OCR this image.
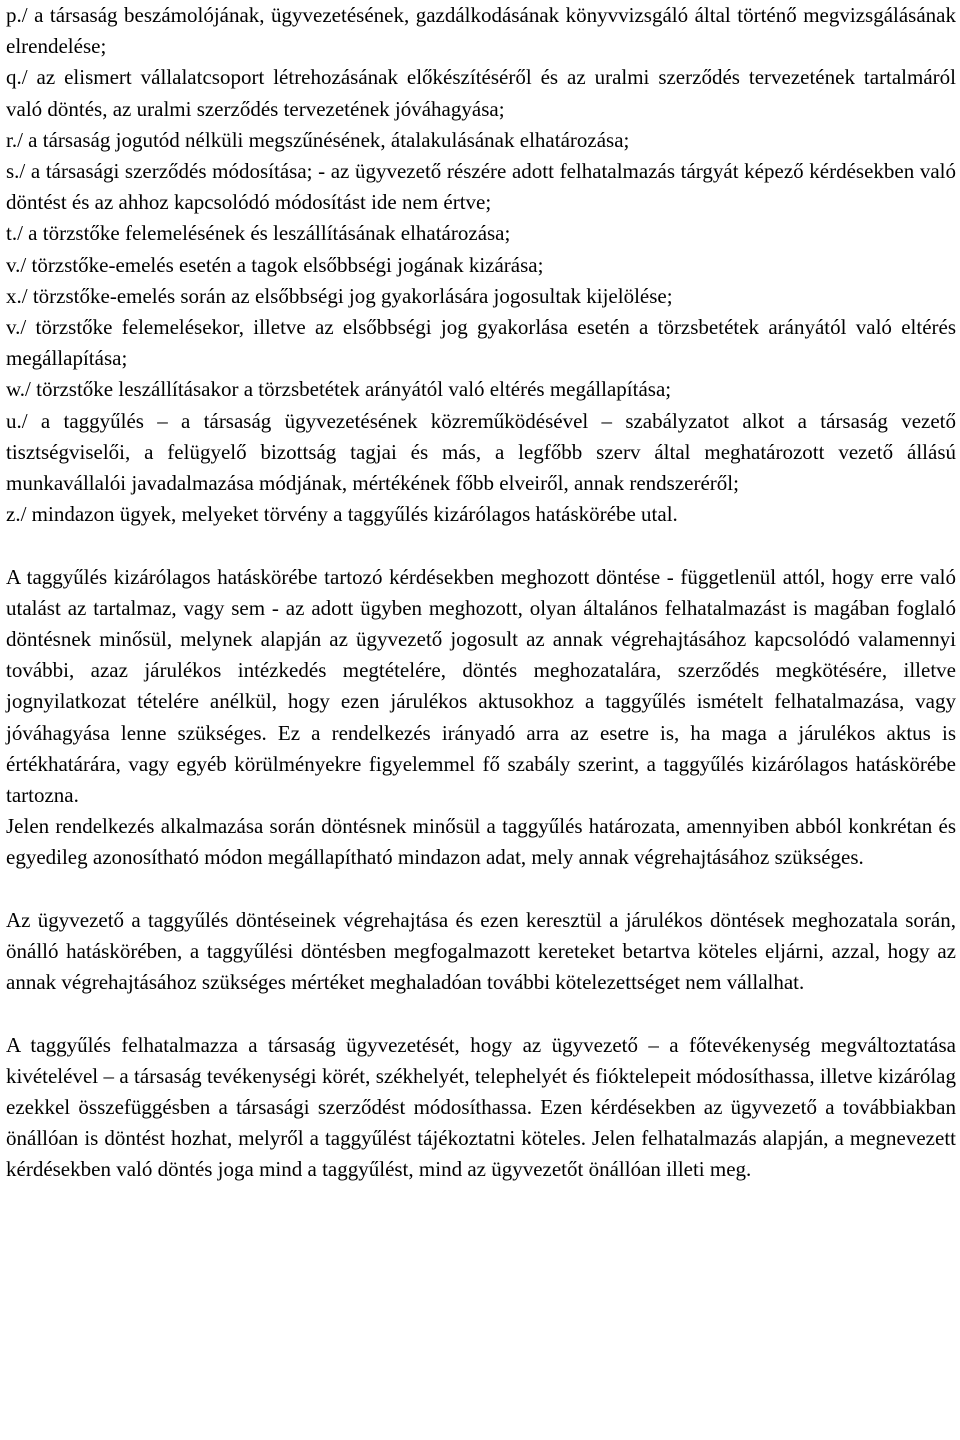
p./ a társaság beszámolójának, ügyvezetésének, gazdálkodásának könyvvizsgáló által történő megvizsgálásának elrendelése;

q./ az elismert vállalatcsoport létrehozásának előkészítéséről és az uralmi szerződés tervezetének tartalmáról való döntés, az uralmi szerződés tervezetének jóváhagyása;

r./ a társaság jogutód nélküli megszűnésének, átalakulásának elhatározása;

s./ a társasági szerződés módosítása; - az ügyvezető részére adott felhatalmazás tárgyát képező kérdésekben való döntést és az ahhoz kapcsolódó módosítást ide nem értve;

t./ a törzstőke felemelésének és leszállításának elhatározása;

v./ törzstőke-emelés esetén a tagok elsőbbségi jogának kizárása;

x./ törzstőke-emelés során az elsőbbségi jog gyakorlására jogosultak kijelölése;

v./ törzstőke felemelésekor, illetve az elsőbbségi jog gyakorlása esetén a törzsbetétek arányától való eltérés megállapítása;

w./ törzstőke leszállításakor a törzsbetétek arányától való eltérés megállapítása;

u./ a taggyűlés – a társaság ügyvezetésének közreműködésével – szabályzatot alkot a társaság vezető tisztségviselői, a felügyelő bizottság tagjai és más, a legfőbb szerv által meghatározott vezető állású munkavállalói javadalmazása módjának, mértékének főbb elveiről, annak rendszeréről;

z./ mindazon ügyek, melyeket törvény a taggyűlés kizárólagos hatáskörébe utal.

A taggyűlés kizárólagos hatáskörébe tartozó kérdésekben meghozott döntése - függetlenül attól, hogy erre való utalást az tartalmaz, vagy sem - az adott ügyben meghozott, olyan általános felhatalmazást is magában foglaló döntésnek minősül, melynek alapján az ügyvezető jogosult az annak végrehajtásához kapcsolódó valamennyi további, azaz járulékos intézkedés megtételére, döntés meghozatalára, szerződés megkötésére, illetve jognyilatkozat tételére anélkül, hogy ezen járulékos aktusokhoz a taggyűlés ismételt felhatalmazása, vagy jóváhagyása lenne szükséges. Ez a rendelkezés irányadó arra az esetre is, ha maga a járulékos aktus is értékhatárára, vagy egyéb körülményekre figyelemmel fő szabály szerint, a taggyűlés kizárólagos hatáskörébe tartozna.

Jelen rendelkezés alkalmazása során döntésnek minősül a taggyűlés határozata, amennyiben abból konkrétan és egyedileg azonosítható módon megállapítható mindazon adat, mely annak végrehajtásához szükséges.

Az ügyvezető a taggyűlés döntéseinek végrehajtása és ezen keresztül a járulékos döntések meghozatala során, önálló hatáskörében, a taggyűlési döntésben megfogalmazott kereteket betartva köteles eljárni, azzal, hogy az annak végrehajtásához szükséges mértéket meghaladóan további kötelezettséget nem vállalhat.

A taggyűlés felhatalmazza a társaság ügyvezetését, hogy az ügyvezető – a főtevékenység megváltoztatása kivételével – a társaság tevékenységi körét, székhelyét, telephelyét és fióktelepeit módosíthassa, illetve kizárólag ezekkel összefüggésben a társasági szerződést módosíthassa. Ezen kérdésekben az ügyvezető a továbbiakban önállóan is döntést hozhat, melyről a taggyűlést tájékoztatni köteles. Jelen felhatalmazás alapján, a megnevezett kérdésekben való döntés joga mind a taggyűlést, mind az ügyvezetőt önállóan illeti meg.
